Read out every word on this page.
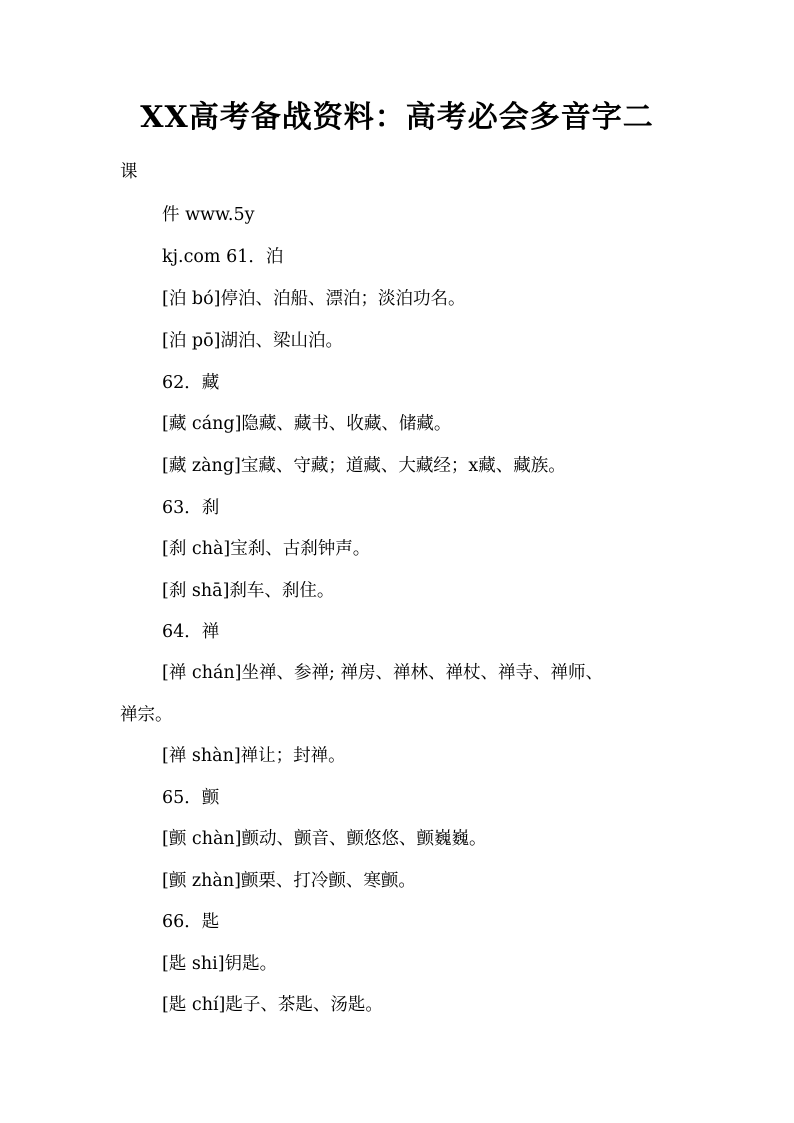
XX高考备战资料：高考必会多音字二
课
件 www.5y
kj.com 61．泊
[泊 bó]停泊、泊船、漂泊；淡泊功名。
[泊 pō]湖泊、梁山泊。
62．藏
[藏 cáng]隐藏、藏书、收藏、储藏。
[藏 zàng]宝藏、守藏；道藏、大藏经；x藏、藏族。
63．刹
[刹 chà]宝刹、古刹钟声。
[刹 shā]刹车、刹住。
64．禅
[禅 chán]坐禅、参禅; 禅房、禅林、禅杖、禅寺、禅师、
禅宗。
[禅 shàn]禅让；封禅。
65．颤
[颤 chàn]颤动、颤音、颤悠悠、颤巍巍。
[颤 zhàn]颤栗、打冷颤、寒颤。
66．匙
[匙 shi]钥匙。
[匙 chí]匙子、茶匙、汤匙。
